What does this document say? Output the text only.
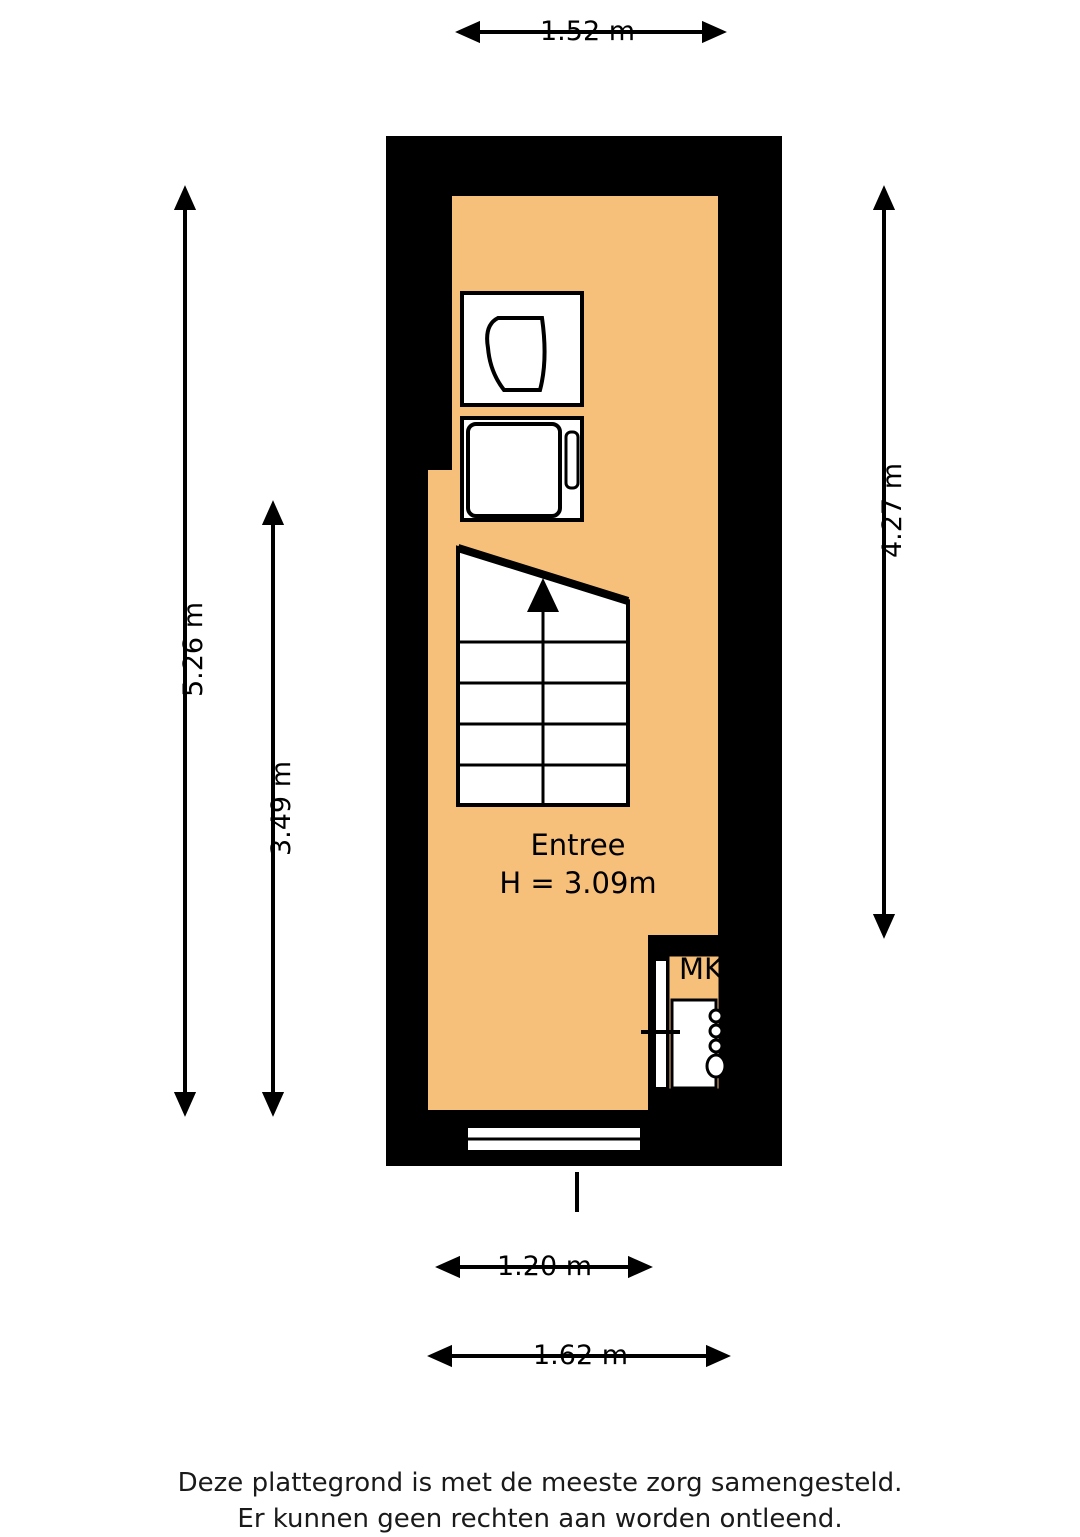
1.52 m
4.27 m
5.26 m
3.49 m
1.20 m
1.62 m
Entree
H = 3.09m
MK
Deze plattegrond is met de meeste zorg samengesteld.
Er kunnen geen rechten aan worden ontleend.
